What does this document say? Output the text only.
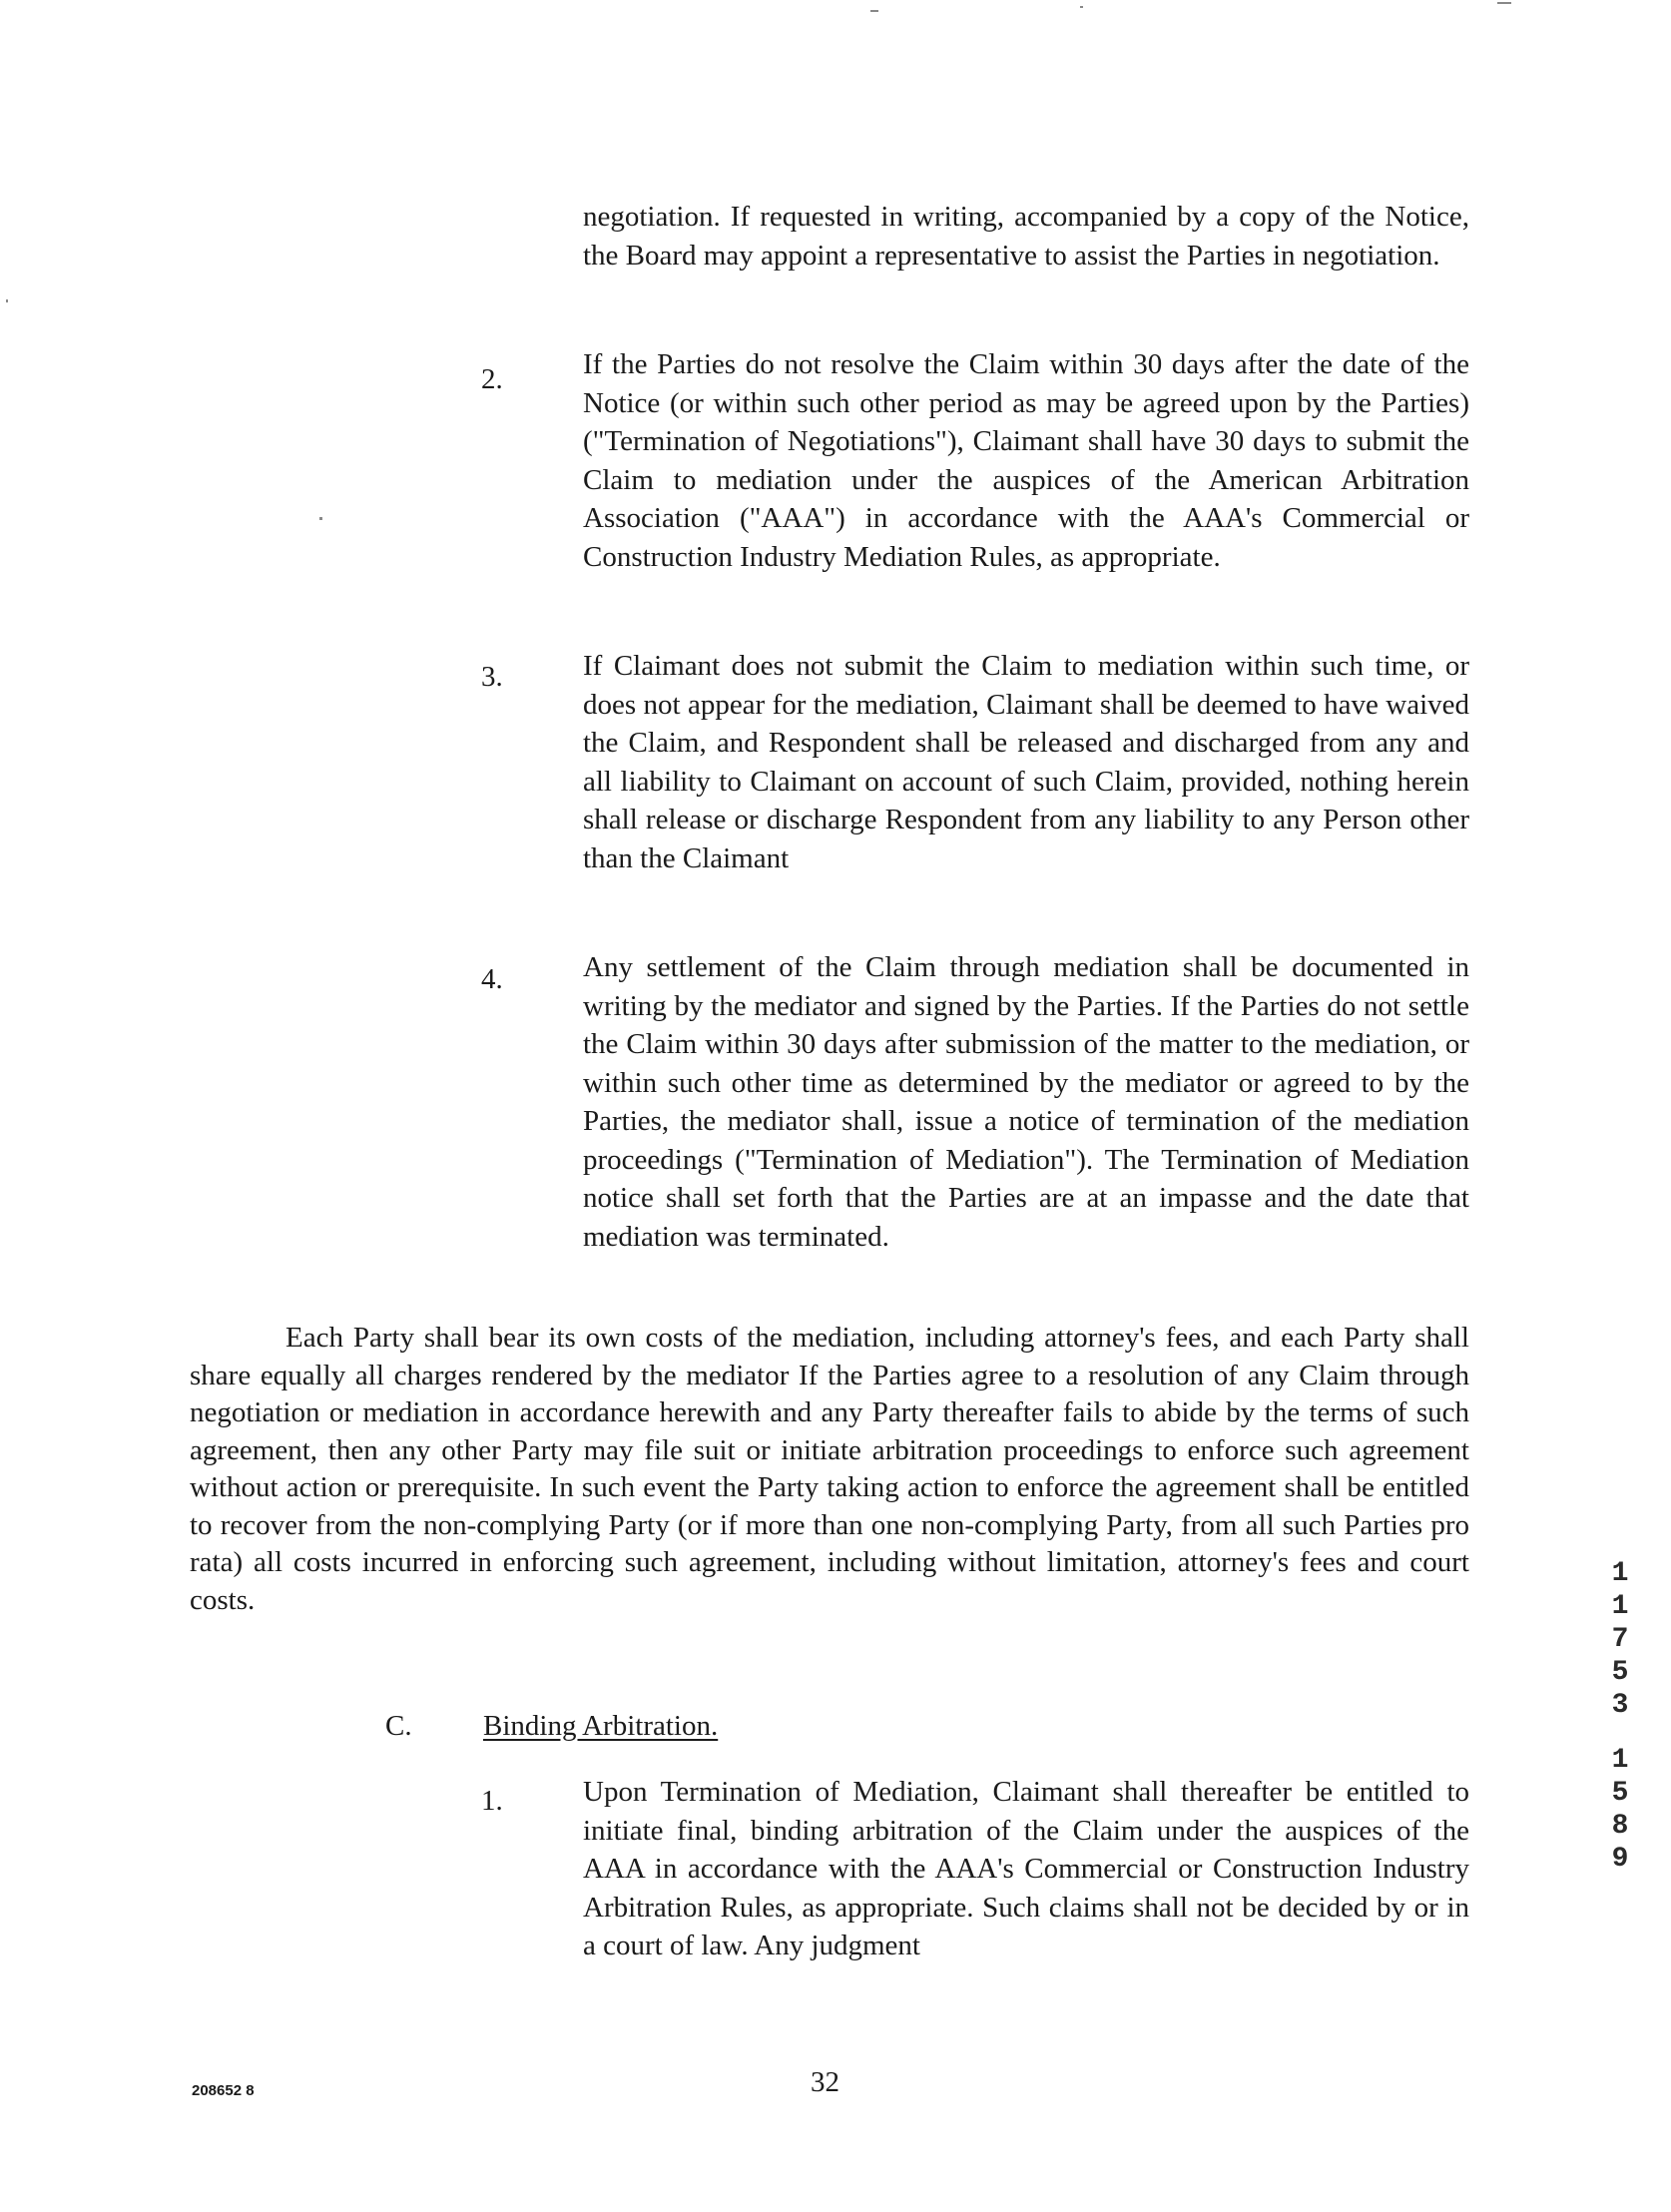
negotiation. If requested in writing, accompanied by a copy of the Notice, the Board may appoint a representative to assist the Parties in negotiation.
2.	If the Parties do not resolve the Claim within 30 days after the date of the Notice (or within such other period as may be agreed upon by the Parties) ("Termination of Negotiations"), Claimant shall have 30 days to submit the Claim to mediation under the auspices of the American Arbitration Association ("AAA") in accordance with the AAA's Commercial or Construction Industry Mediation Rules, as appropriate.
3.	If Claimant does not submit the Claim to mediation within such time, or does not appear for the mediation, Claimant shall be deemed to have waived the Claim, and Respondent shall be released and discharged from any and all liability to Claimant on account of such Claim, provided, nothing herein shall release or discharge Respondent from any liability to any Person other than the Claimant
4.	Any settlement of the Claim through mediation shall be documented in writing by the mediator and signed by the Parties. If the Parties do not settle the Claim within 30 days after submission of the matter to the mediation, or within such other time as determined by the mediator or agreed to by the Parties, the mediator shall, issue a notice of termination of the mediation proceedings ("Termination of Mediation"). The Termination of Mediation notice shall set forth that the Parties are at an impasse and the date that mediation was terminated.
Each Party shall bear its own costs of the mediation, including attorney's fees, and each Party shall share equally all charges rendered by the mediator If the Parties agree to a resolution of any Claim through negotiation or mediation in accordance herewith and any Party thereafter fails to abide by the terms of such agreement, then any other Party may file suit or initiate arbitration proceedings to enforce such agreement without action or prerequisite. In such event the Party taking action to enforce the agreement shall be entitled to recover from the non-complying Party (or if more than one non-complying Party, from all such Parties pro rata) all costs incurred in enforcing such agreement, including without limitation, attorney's fees and court costs.
C. Binding Arbitration.
1.	Upon Termination of Mediation, Claimant shall thereafter be entitled to initiate final, binding arbitration of the Claim under the auspices of the AAA in accordance with the AAA's Commercial or Construction Industry Arbitration Rules, as appropriate. Such claims shall not be decided by or in a court of law. Any judgment
32
208652 8
1
1
7
5
3
1
5
8
9
